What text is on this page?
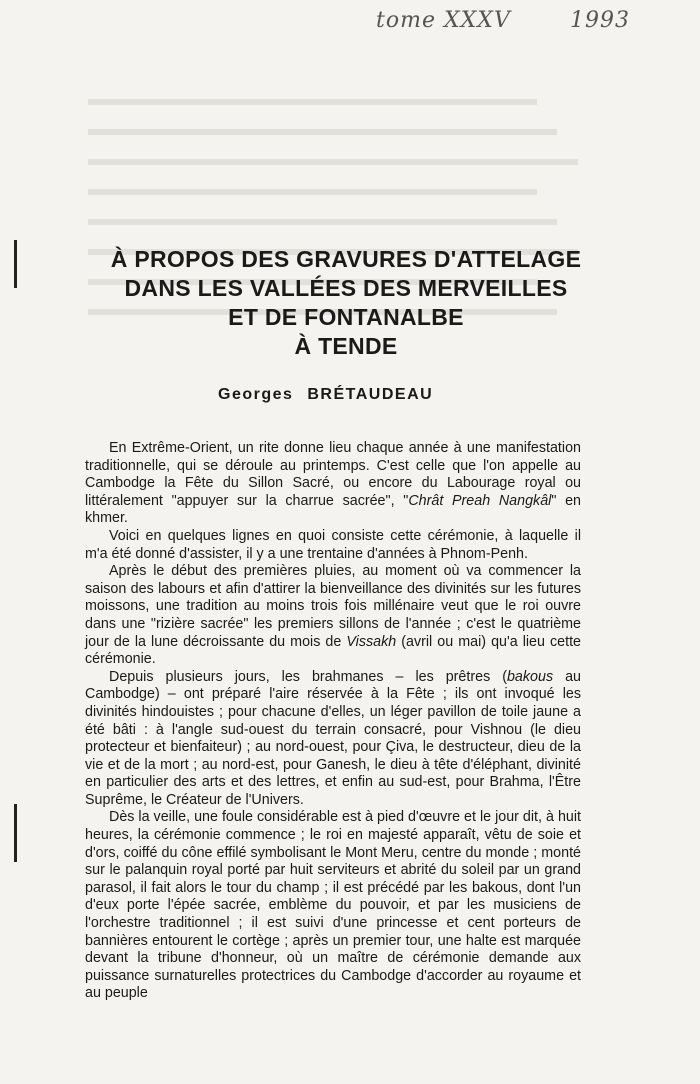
tome XXXV	1993
À PROPOS DES GRAVURES D'ATTELAGE
DANS LES VALLÉES DES MERVEILLES
ET DE FONTANALBE
À TENDE
Georges BRÉTAUDEAU

En Extrême-Orient, un rite donne lieu chaque année à une manifestation traditionnelle, qui se déroule au printemps. C'est celle que l'on appelle au Cambodge la Fête du Sillon Sacré, ou encore du Labourage royal ou littéralement "appuyer sur la charrue sacrée", "Chrât Preah Nangkâl" en khmer.

Voici en quelques lignes en quoi consiste cette cérémonie, à laquelle il m'a été donné d'assister, il y a une trentaine d'années à Phnom-Penh.

Après le début des premières pluies, au moment où va commencer la saison des labours et afin d'attirer la bienveillance des divinités sur les futures moissons, une tradition au moins trois fois millénaire veut que le roi ouvre dans une "rizière sacrée" les premiers sillons de l'année ; c'est le quatrième jour de la lune décroissante du mois de Vissakh (avril ou mai) qu'a lieu cette cérémonie.

Depuis plusieurs jours, les brahmanes – les prêtres (bakous au Cambodge) – ont préparé l'aire réservée à la Fête ; ils ont invoqué les divinités hindouistes ; pour chacune d'elles, un léger pavillon de toile jaune a été bâti : à l'angle sud-ouest du terrain consacré, pour Vishnou (le dieu protecteur et bienfaiteur) ; au nord-ouest, pour Çiva, le destructeur, dieu de la vie et de la mort ; au nord-est, pour Ganesh, le dieu à tête d'éléphant, divinité en particulier des arts et des lettres, et enfin au sud-est, pour Brahma, l'Être Suprême, le Créateur de l'Univers.

Dès la veille, une foule considérable est à pied d'œuvre et le jour dit, à huit heures, la cérémonie commence ; le roi en majesté apparaît, vêtu de soie et d'ors, coiffé du cône effilé symbolisant le Mont Meru, centre du monde ; monté sur le palanquin royal porté par huit serviteurs et abrité du soleil par un grand parasol, il fait alors le tour du champ ; il est précédé par les bakous, dont l'un d'eux porte l'épée sacrée, emblème du pouvoir, et par les musiciens de l'orchestre traditionnel ; il est suivi d'une princesse et cent porteurs de bannières entourent le cortège ; après un premier tour, une halte est marquée devant la tribune d'honneur, où un maître de cérémonie demande aux puissance surnaturelles protectrices du Cambodge d'accorder au royaume et au peuple
